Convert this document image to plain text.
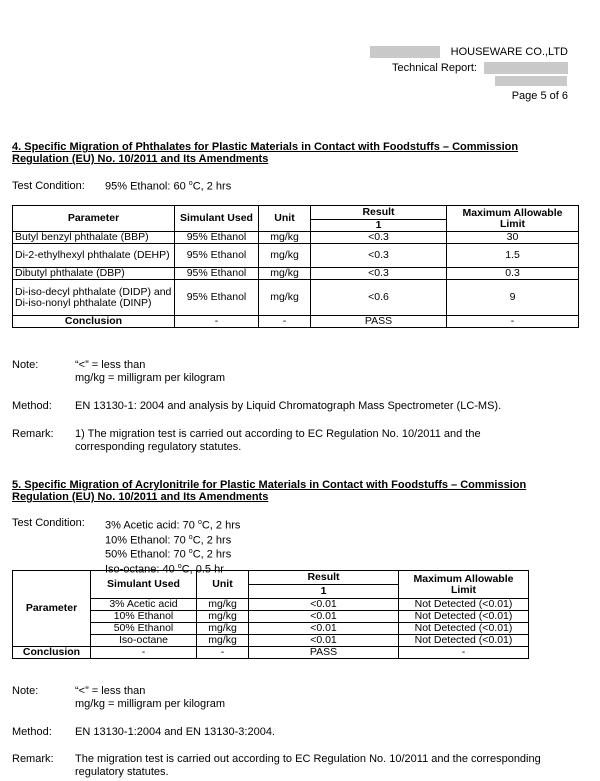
HOUSEWARE CO.,LTD
Technical Report:
Page 5 of 6
4. Specific Migration of Phthalates for Plastic Materials in Contact with Foodstuffs – Commission
Regulation (EU) No. 10/2011 and Its Amendments
Test Condition: 95% Ethanol: 60 $^o$C, 2 hrs
Parameter	Simulant Used	Unit	Result	Maximum Allowable Limit
			1	
Butyl benzyl phthalate (BBP)	95% Ethanol	mg/kg	<0.3	30
Di-2-ethylhexyl phthalate (DEHP)	95% Ethanol	mg/kg	<0.3	1.5
Dibutyl phthalate (DBP)	95% Ethanol	mg/kg	<0.3	0.3
Di-iso-decyl phthalate (DIDP) and Di-iso-nonyl phthalate (DINP)	95% Ethanol	mg/kg	<0.6	9
Conclusion	-	-	PASS	-
Note:	“<” = less than
mg/kg = milligram per kilogram
Method: EN 13130-1: 2004 and analysis by Liquid Chromatograph Mass Spectrometer (LC-MS).
Remark: 1) The migration test is carried out according to EC Regulation No. 10/2011 and the
corresponding regulatory statutes.
5. Specific Migration of Acrylonitrile for Plastic Materials in Contact with Foodstuffs – Commission
Regulation (EU) No. 10/2011 and Its Amendments
Test Condition: 3% Acetic acid: 70 $^o$C, 2 hrs
10% Ethanol: 70 $^o$C, 2 hrs
50% Ethanol: 70 $^o$C, 2 hrs
Iso-octane: 40 $^o$C, 0.5 hr
Parameter	Simulant Used	Unit	Result	Maximum Allowable Limit
			1	
	3% Acetic acid	mg/kg	<0.01	Not Detected (<0.01)
	10% Ethanol	mg/kg	<0.01	Not Detected (<0.01)
	50% Ethanol	mg/kg	<0.01	Not Detected (<0.01)
	Iso-octane	mg/kg	<0.01	Not Detected (<0.01)
Conclusion	-	-	PASS	-
Note:	“<” = less than
mg/kg = milligram per kilogram
Method: EN 13130-1:2004 and EN 13130-3:2004.
Remark: The migration test is carried out according to EC Regulation No. 10/2011 and the corresponding
regulatory statutes.
